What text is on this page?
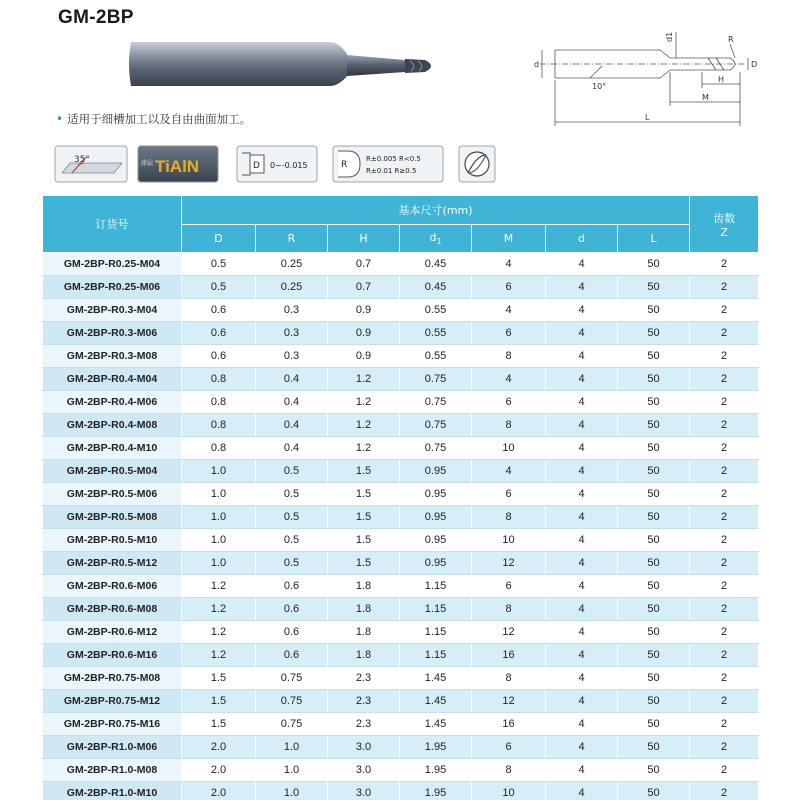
GM-2BP
d1	R
d	D
H
M
L
10°
• 适用于细槽加工以及自由曲面加工。
35°	涂层 TiAlN	D 0~-0.015	R
R±0.005 R<0.5
R±0.01 R≥0.5
订货号	基本尺寸(mm)							齿数
Z

	D	R	H	$d_1$	M	d	L	
GM-2BP-R0.25-M04	0.5	0.25	0.7	0.45	4	4	50	2
GM-2BP-R0.25-M06	0.5	0.25	0.7	0.45	6	4	50	2
GM-2BP-R0.3-M04	0.6	0.3	0.9	0.55	4	4	50	2
GM-2BP-R0.3-M06	0.6	0.3	0.9	0.55	6	4	50	2
GM-2BP-R0.3-M08	0.6	0.3	0.9	0.55	8	4	50	2
GM-2BP-R0.4-M04	0.8	0.4	1.2	0.75	4	4	50	2
GM-2BP-R0.4-M06	0.8	0.4	1.2	0.75	6	4	50	2
GM-2BP-R0.4-M08	0.8	0.4	1.2	0.75	8	4	50	2
GM-2BP-R0.4-M10	0.8	0.4	1.2	0.75	10	4	50	2
GM-2BP-R0.5-M04	1.0	0.5	1.5	0.95	4	4	50	2
GM-2BP-R0.5-M06	1.0	0.5	1.5	0.95	6	4	50	2
GM-2BP-R0.5-M08	1.0	0.5	1.5	0.95	8	4	50	2
GM-2BP-R0.5-M10	1.0	0.5	1.5	0.95	10	4	50	2
GM-2BP-R0.5-M12	1.0	0.5	1.5	0.95	12	4	50	2
GM-2BP-R0.6-M06	1.2	0.6	1.8	1.15	6	4	50	2
GM-2BP-R0.6-M08	1.2	0.6	1.8	1.15	8	4	50	2
GM-2BP-R0.6-M12	1.2	0.6	1.8	1.15	12	4	50	2
GM-2BP-R0.6-M16	1.2	0.6	1.8	1.15	16	4	50	2
GM-2BP-R0.75-M08	1.5	0.75	2.3	1.45	8	4	50	2
GM-2BP-R0.75-M12	1.5	0.75	2.3	1.45	12	4	50	2
GM-2BP-R0.75-M16	1.5	0.75	2.3	1.45	16	4	50	2
GM-2BP-R1.0-M06	2.0	1.0	3.0	1.95	6	4	50	2
GM-2BP-R1.0-M08	2.0	1.0	3.0	1.95	8	4	50	2
GM-2BP-R1.0-M10	2.0	1.0	3.0	1.95	10	4	50	2
